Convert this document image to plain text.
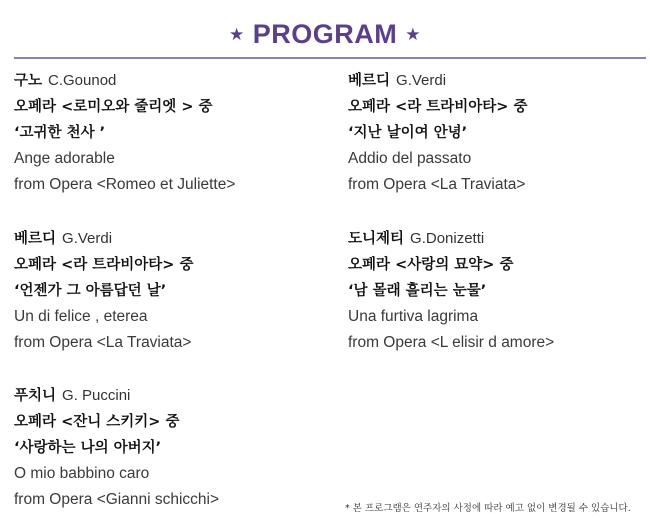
★ PROGRAM ★
구노 C.Gounod
오페라 <로미오와 줄리엣 > 중
‘고귀한 천사 ’
Ange adorable
from Opera <Romeo et Juliette>
베르디 G.Verdi
오페라 <라 트라비아타> 중
‘지난 날이여 안녕’
Addio del passato
from Opera <La Traviata>
베르디 G.Verdi
오페라 <라 트라비아타> 중
‘언젠가 그 아름답던 날’
Un di felice , eterea
from Opera <La Traviata>
도니제티 G.Donizetti
오페라 <사랑의 묘약> 중
‘남 몰래 흘리는 눈물’
Una furtiva lagrima
from Opera <L elisir d amore>
푸치니 G. Puccini
오페라 <잔니 스키키> 중
‘사랑하는 나의 아버지’
O mio babbino caro
from Opera <Gianni schicchi>
* 본 프로그램은 연주자의 사정에 따라 예고 없이 변경될 수 있습니다.
